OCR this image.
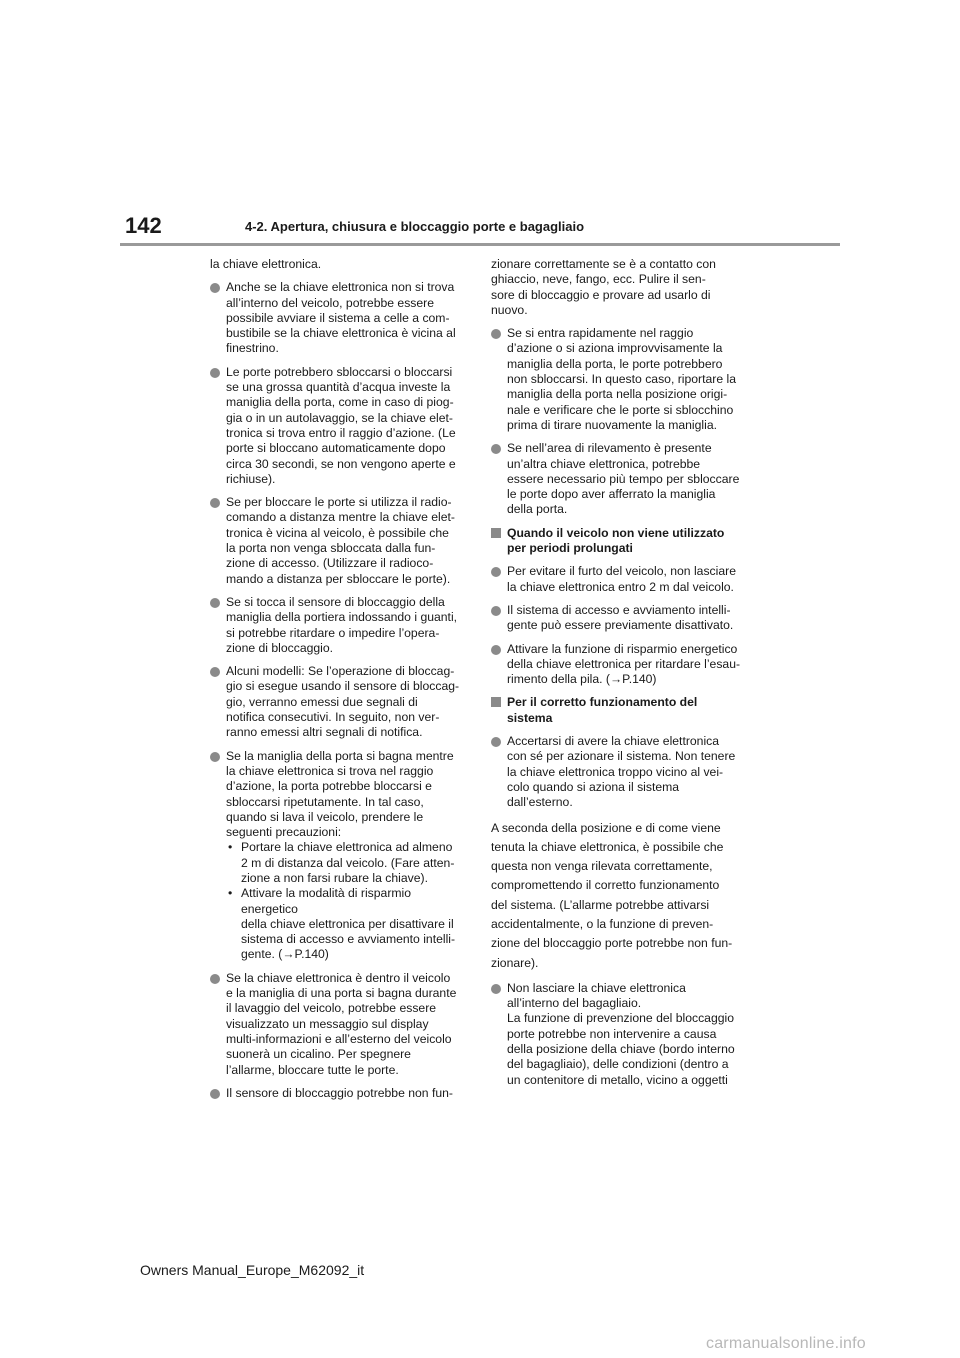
142	4-2. Apertura, chiusura e bloccaggio porte e bagagliaio
la chiave elettronica.
Anche se la chiave elettronica non si trova
all’interno del veicolo, potrebbe essere
possibile avviare il sistema a celle a com-
bustibile se la chiave elettronica è vicina al
finestrino.
Le porte potrebbero sbloccarsi o bloccarsi
se una grossa quantità d’acqua investe la
maniglia della porta, come in caso di piog-
gia o in un autolavaggio, se la chiave elet-
tronica si trova entro il raggio d’azione. (Le
porte si bloccano automaticamente dopo
circa 30 secondi, se non vengono aperte e
richiuse).
Se per bloccare le porte si utilizza il radio-
comando a distanza mentre la chiave elet-
tronica è vicina al veicolo, è possibile che
la porta non venga sbloccata dalla fun-
zione di accesso. (Utilizzare il radioco-
mando a distanza per sbloccare le porte).
Se si tocca il sensore di bloccaggio della
maniglia della portiera indossando i guanti,
si potrebbe ritardare o impedire l’opera-
zione di bloccaggio.
Alcuni modelli: Se l’operazione di bloccag-
gio si esegue usando il sensore di bloccag-
gio, verranno emessi due segnali di
notifica consecutivi. In seguito, non ver-
ranno emessi altri segnali di notifica.
Se la maniglia della porta si bagna mentre
la chiave elettronica si trova nel raggio
d’azione, la porta potrebbe bloccarsi e
sbloccarsi ripetutamente. In tal caso,
quando si lava il veicolo, prendere le
seguenti precauzioni:
• Portare la chiave elettronica ad almeno
2 m di distanza dal veicolo. (Fare atten-
zione a non farsi rubare la chiave).
• Attivare la modalità di risparmio energetico
della chiave elettronica per disattivare il
sistema di accesso e avviamento intelli-
gente. (→P.140)
Se la chiave elettronica è dentro il veicolo
e la maniglia di una porta si bagna durante
il lavaggio del veicolo, potrebbe essere
visualizzato un messaggio sul display
multi-informazioni e all’esterno del veicolo
suonerà un cicalino. Per spegnere
l’allarme, bloccare tutte le porte.
Il sensore di bloccaggio potrebbe non fun-
zionare correttamente se è a contatto con
ghiaccio, neve, fango, ecc. Pulire il sen-
sore di bloccaggio e provare ad usarlo di
nuovo.
Se si entra rapidamente nel raggio
d’azione o si aziona improvvisamente la
maniglia della porta, le porte potrebbero
non sbloccarsi. In questo caso, riportare la
maniglia della porta nella posizione origi-
nale e verificare che le porte si sblocchino
prima di tirare nuovamente la maniglia.
Se nell’area di rilevamento è presente
un’altra chiave elettronica, potrebbe
essere necessario più tempo per sbloccare
le porte dopo aver afferrato la maniglia
della porta.
Quando il veicolo non viene utilizzato
per periodi prolungati
Per evitare il furto del veicolo, non lasciare
la chiave elettronica entro 2 m dal veicolo.
Il sistema di accesso e avviamento intelli-
gente può essere previamente disattivato.
Attivare la funzione di risparmio energetico
della chiave elettronica per ritardare l’esau-
rimento della pila. (→P.140)
Per il corretto funzionamento del
sistema
Accertarsi di avere la chiave elettronica
con sé per azionare il sistema. Non tenere
la chiave elettronica troppo vicino al vei-
colo quando si aziona il sistema
dall’esterno.
A seconda della posizione e di come viene
tenuta la chiave elettronica, è possibile che
questa non venga rilevata correttamente,
compromettendo il corretto funzionamento
del sistema. (L’allarme potrebbe attivarsi
accidentalmente, o la funzione di preven-
zione del bloccaggio porte potrebbe non fun-
zionare).
Non lasciare la chiave elettronica
all’interno del bagagliaio.
La funzione di prevenzione del bloccaggio
porte potrebbe non intervenire a causa
della posizione della chiave (bordo interno
del bagagliaio), delle condizioni (dentro a
un contenitore di metallo, vicino a oggetti
Owners Manual_Europe_M62092_it
carmanualsonline.info
